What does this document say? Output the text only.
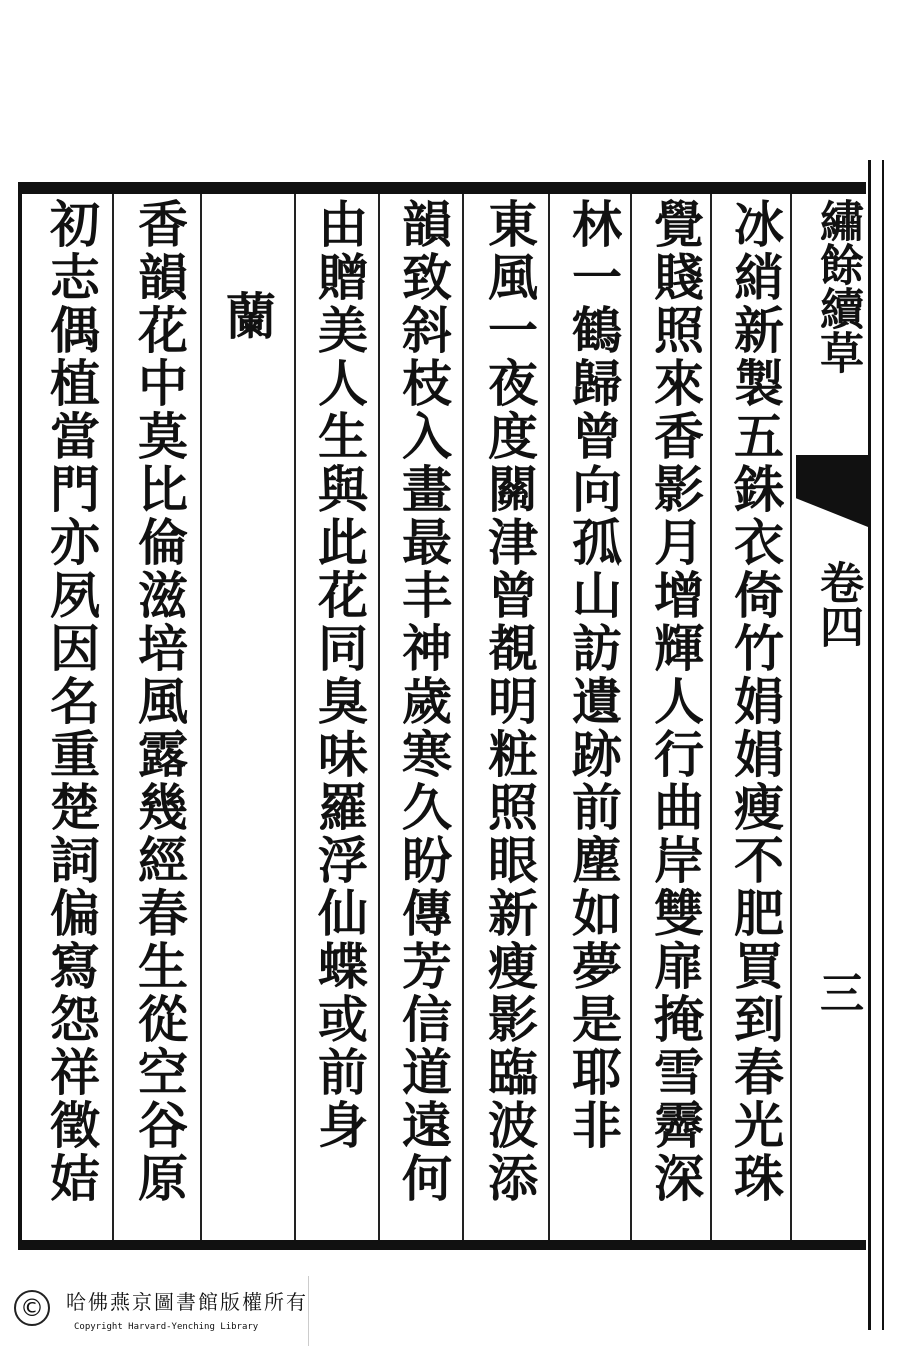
繡餘續草
卷四
三
冰綃新製五銖衣倚竹娟娟瘦不肥買到春光珠
覺賤照來香影月增輝人行曲岸雙扉掩雪霽深
林一鶴歸曾向孤山訪遺跡前塵如夢是耶非
東風一夜度關津曾覩明粧照眼新瘦影臨波添
韻致斜枝入畫最丰神歲寒久盼傳芳信道遠何
由贈美人生與此花同臭味羅浮仙蝶或前身
蘭
香韻花中莫比倫滋培風露幾經春生從空谷原
初志偶植當門亦夙因名重楚詞偏寫怨祥徵姞
©	哈佛燕京圖書館版權所有
Copyright Harvard-Yenching Library
